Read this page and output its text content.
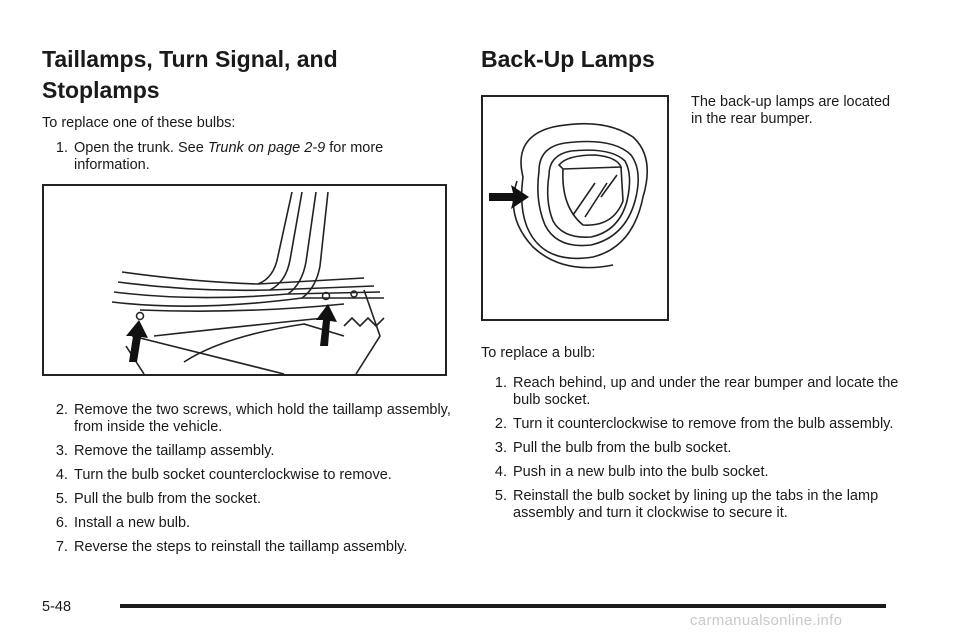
Taillamps, Turn Signal, and Stoplamps

To replace one of these bulbs:

1. Open the trunk. See Trunk on page 2-9 for more information.
2. Remove the two screws, which hold the taillamp assembly, from inside the vehicle.
3. Remove the taillamp assembly.
4. Turn the bulb socket counterclockwise to remove.
5. Pull the bulb from the socket.
6. Install a new bulb.
7. Reverse the steps to reinstall the taillamp assembly.
Back-Up Lamps

The back-up lamps are located in the rear bumper.

To replace a bulb:

1. Reach behind, up and under the rear bumper and locate the bulb socket.
2. Turn it counterclockwise to remove from the bulb assembly.
3. Pull the bulb from the bulb socket.
4. Push in a new bulb into the bulb socket.
5. Reinstall the bulb socket by lining up the tabs in the lamp assembly and turn it clockwise to secure it.
5-48
carmanualsonline.info
